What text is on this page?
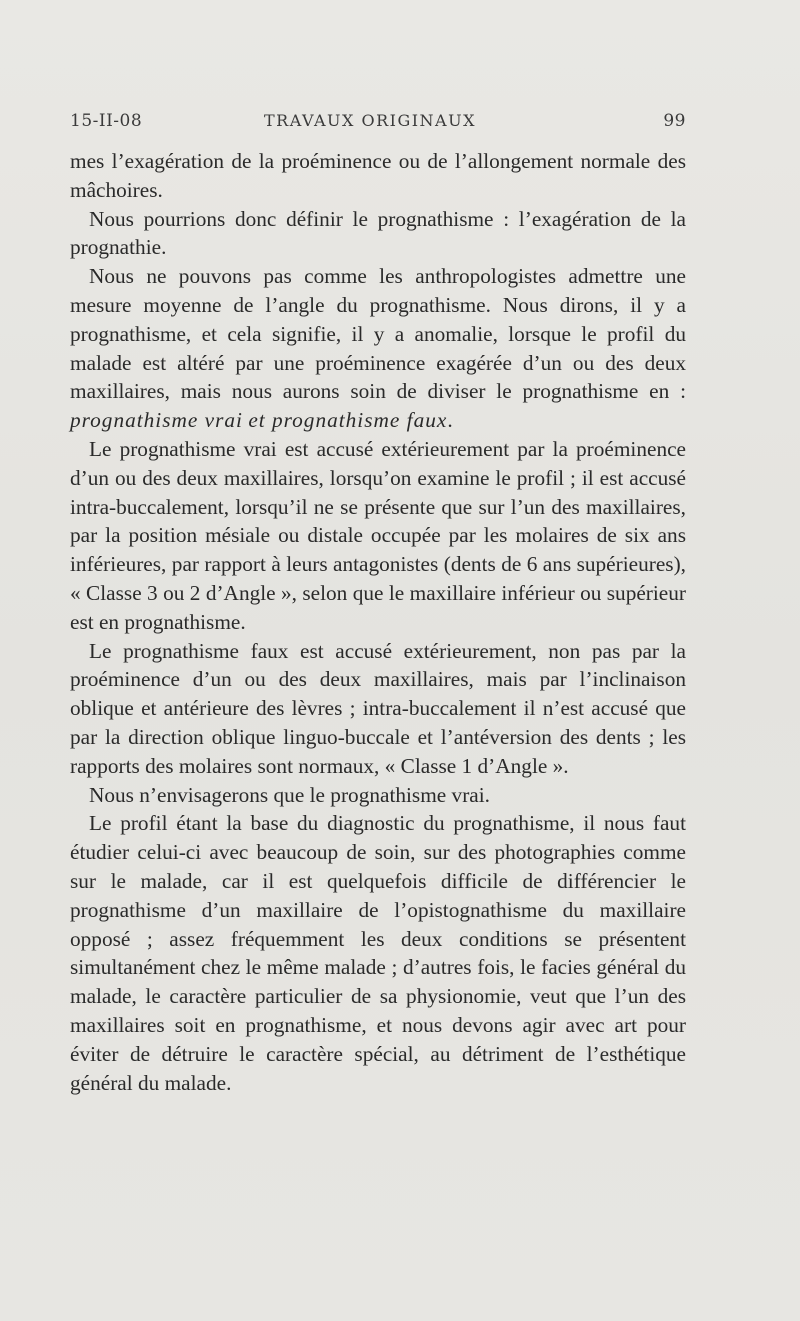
15-II-08	TRAVAUX ORIGINAUX	99

mes l’exagération de la proéminence ou de l’allongement normale des mâchoires.

Nous pourrions donc définir le prognathisme : l’exagération de la prognathie.

Nous ne pouvons pas comme les anthropologistes admettre une mesure moyenne de l’angle du prognathisme. Nous dirons, il y a prognathisme, et cela signifie, il y a anomalie, lorsque le profil du malade est altéré par une proéminence exagérée d’un ou des deux maxillaires, mais nous aurons soin de diviser le prognathisme en : prognathisme vrai et prognathisme faux.

Le prognathisme vrai est accusé extérieurement par la proéminence d’un ou des deux maxillaires, lorsqu’on examine le profil ; il est accusé intra-buccalement, lorsqu’il ne se présente que sur l’un des maxillaires, par la position mésiale ou distale occupée par les molaires de six ans inférieures, par rapport à leurs antagonistes (dents de 6 ans supérieures), « Classe 3 ou 2 d’Angle », selon que le maxillaire inférieur ou supérieur est en prognathisme.

Le prognathisme faux est accusé extérieurement, non pas par la proéminence d’un ou des deux maxillaires, mais par l’inclinaison oblique et antérieure des lèvres ; intra-buccalement il n’est accusé que par la direction oblique linguo-buccale et l’antéversion des dents ; les rapports des molaires sont normaux, « Classe 1 d’Angle ».

Nous n’envisagerons que le prognathisme vrai.

Le profil étant la base du diagnostic du prognathisme, il nous faut étudier celui-ci avec beaucoup de soin, sur des photographies comme sur le malade, car il est quelquefois difficile de différencier le prognathisme d’un maxillaire de l’opistognathisme du maxillaire opposé ; assez fréquemment les deux conditions se présentent simultanément chez le même malade ; d’autres fois, le facies général du malade, le caractère particulier de sa physionomie, veut que l’un des maxillaires soit en prognathisme, et nous devons agir avec art pour éviter de détruire le caractère spécial, au détriment de l’esthétique général du malade.
